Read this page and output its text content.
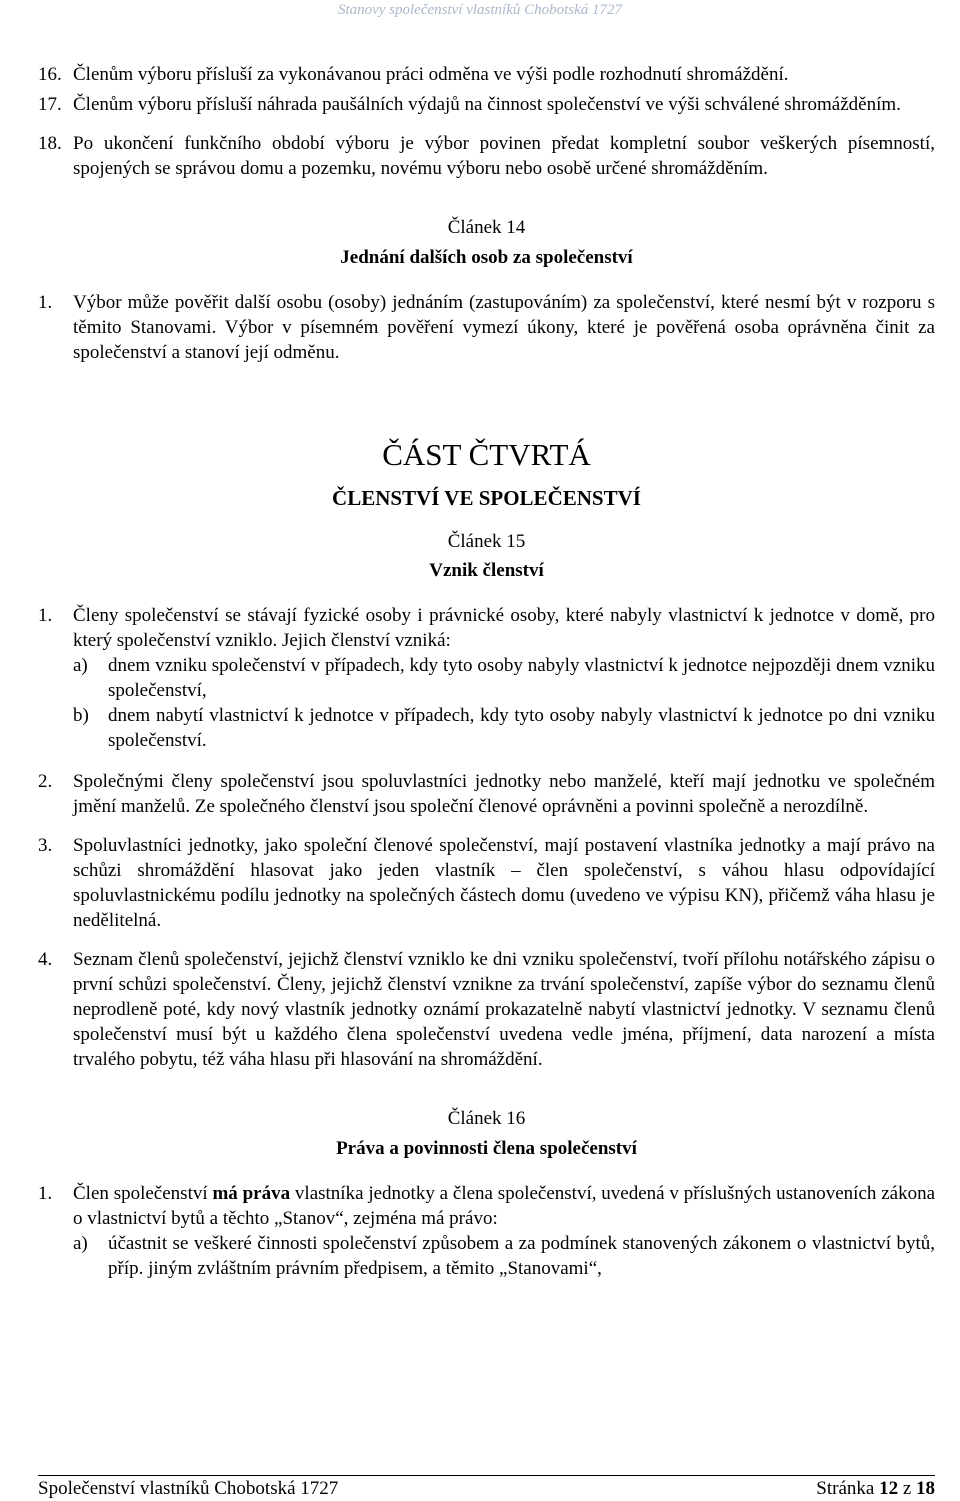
Stanovy společenství vlastníků Chobotská 1727

16. Členům výboru přísluší za vykonávanou práci odměna ve výši podle rozhodnutí shromáždění.

17. Členům výboru přísluší náhrada paušálních výdajů na činnost společenství ve výši schválené shromážděním.

18. Po ukončení funkčního období výboru je výbor povinen předat kompletní soubor veškerých písemností, spojených se správou domu a pozemku, novému výboru nebo osobě určené shromážděním.

Článek 14

Jednání dalších osob za společenství

1. Výbor může pověřit další osobu (osoby) jednáním (zastupováním) za společenství, které nesmí být v rozporu s těmito Stanovami. Výbor v písemném pověření vymezí úkony, které je pověřená osoba oprávněna činit za společenství a stanoví její odměnu.

ČÁST ČTVRTÁ

ČLENSTVÍ VE SPOLEČENSTVÍ

Článek 15

Vznik členství

1. Členy společenství se stávají fyzické osoby i právnické osoby, které nabyly vlastnictví k jednotce v domě, pro který společenství vzniklo. Jejich členství vzniká:

a) dnem vzniku společenství v případech, kdy tyto osoby nabyly vlastnictví k jednotce nejpozději dnem vzniku společenství,

b) dnem nabytí vlastnictví k jednotce v případech, kdy tyto osoby nabyly vlastnictví k jednotce po dni vzniku společenství.

2. Společnými členy společenství jsou spoluvlastníci jednotky nebo manželé, kteří mají jednotku ve společném jmění manželů. Ze společného členství jsou společní členové oprávněni a povinni společně a nerozdílně.

3. Spoluvlastníci jednotky, jako společní členové společenství, mají postavení vlastníka jednotky a mají právo na schůzi shromáždění hlasovat jako jeden vlastník – člen společenství, s váhou hlasu odpovídající spoluvlastnickému podílu jednotky na společných částech domu (uvedeno ve výpisu KN), přičemž váha hlasu je nedělitelná.

4. Seznam členů společenství, jejichž členství vzniklo ke dni vzniku společenství, tvoří přílohu notářského zápisu o první schůzi společenství. Členy, jejichž členství vznikne za trvání společenství, zapíše výbor do seznamu členů neprodleně poté, kdy nový vlastník jednotky oznámí prokazatelně nabytí vlastnictví jednotky. V seznamu členů společenství musí být u každého člena společenství uvedena vedle jména, příjmení, data narození a místa trvalého pobytu, též váha hlasu při hlasování na shromáždění.

Článek 16

Práva a povinnosti člena společenství

1. Člen společenství má práva vlastníka jednotky a člena společenství, uvedená v příslušných ustanoveních zákona o vlastnictví bytů a těchto „Stanov“, zejména má právo:

a) účastnit se veškeré činnosti společenství způsobem a za podmínek stanovených zákonem o vlastnictví bytů, příp. jiným zvláštním právním předpisem, a těmito „Stanovami“,

Společenství vlastníků Chobotská 1727	Stránka 12 z 18
